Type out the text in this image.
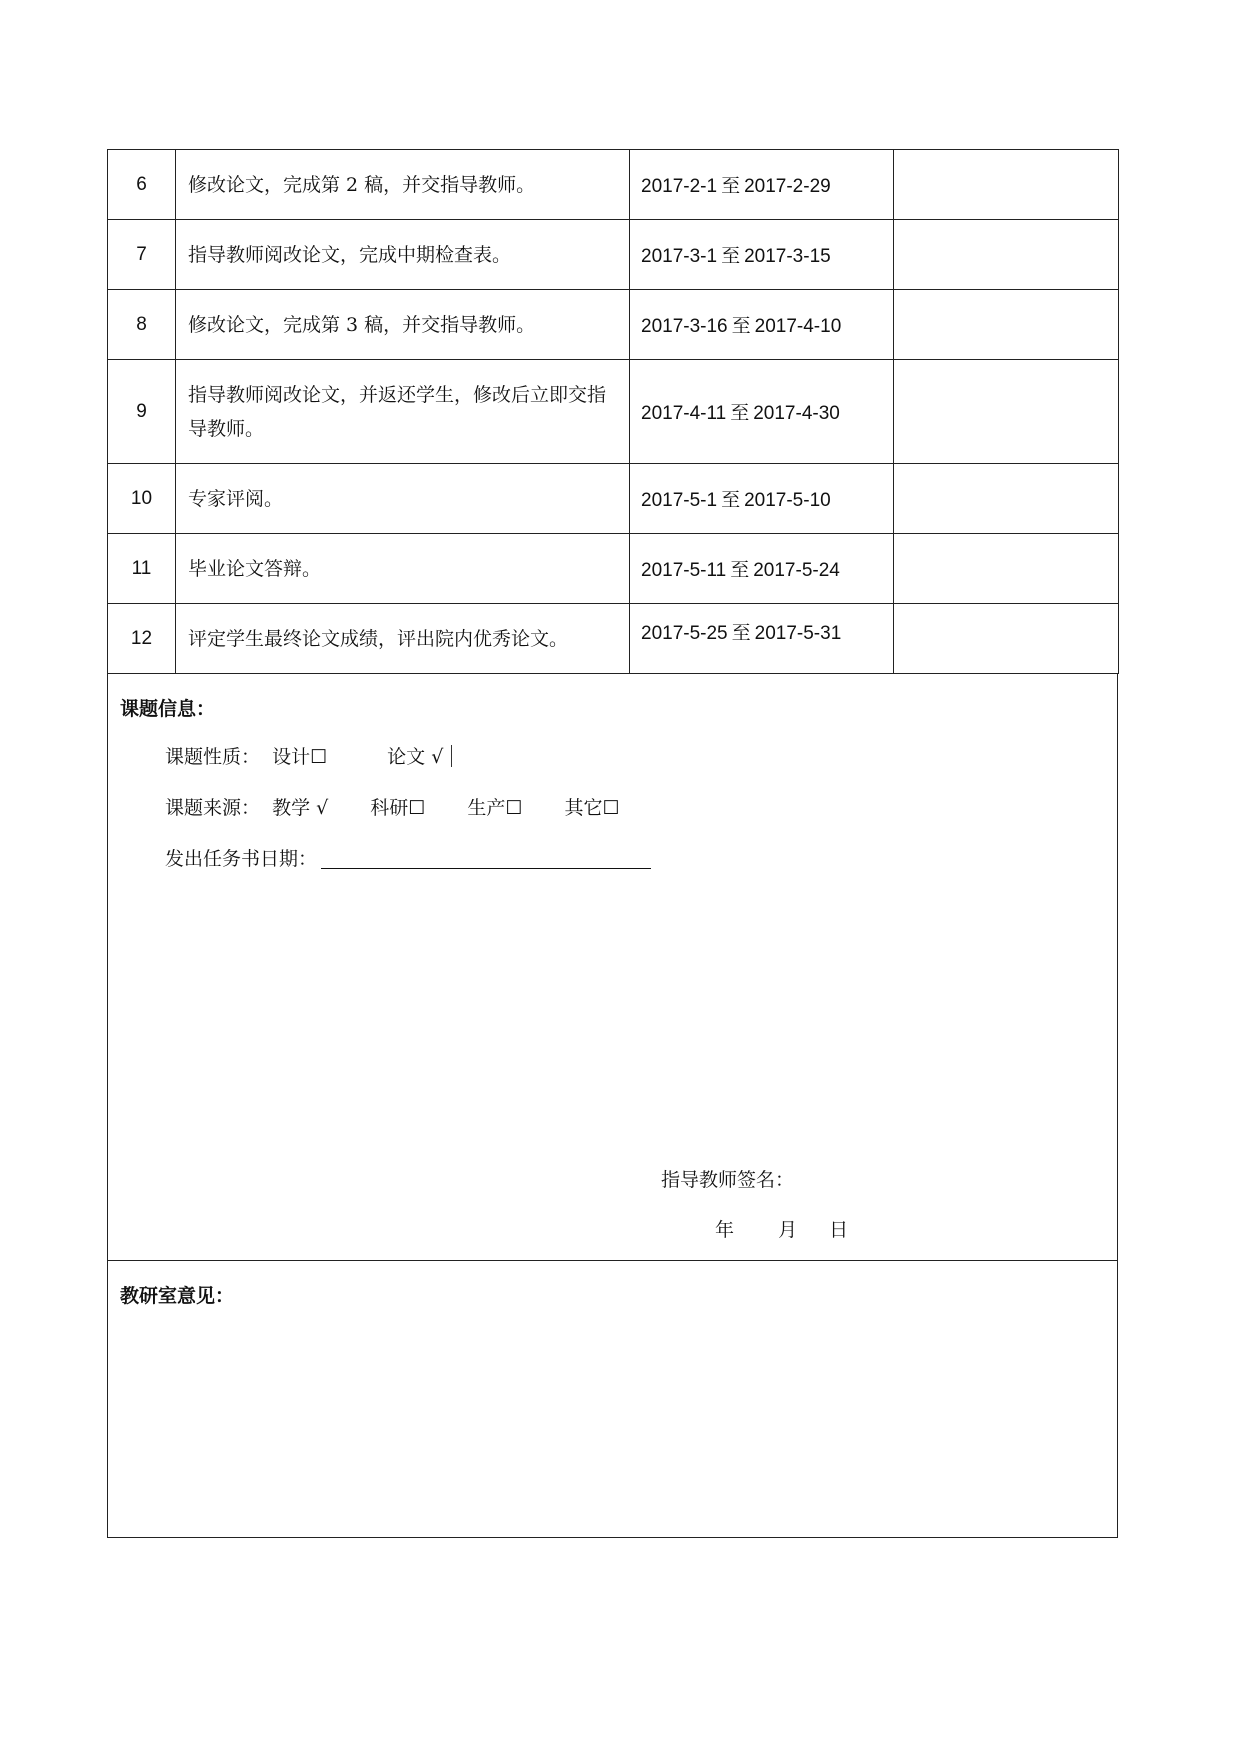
6	修改论文，完成第 2 稿，并交指导教师。	2017-2-1 至 2017-2-29	
7	指导教师阅改论文，完成中期检查表。	2017-3-1 至 2017-3-15	
8	修改论文，完成第 3 稿，并交指导教师。	2017-3-16 至 2017-4-10	
9	指导教师阅改论文，并返还学生，修改后立即交指导教师。	2017-4-11 至 2017-4-30	
10	专家评阅。	2017-5-1 至 2017-5-10	
11	毕业论文答辩。	2017-5-11 至 2017-5-24	
12	评定学生最终论文成绩，评出院内优秀论文。	2017-5-25 至 2017-5-31	
课题信息：
课题性质： 设计☐	论文 √
课题来源： 教学 √ 科研☐ 生产☐ 其它☐
发出任务书日期：
指导教师签名：
年 月 日
教研室意见：
